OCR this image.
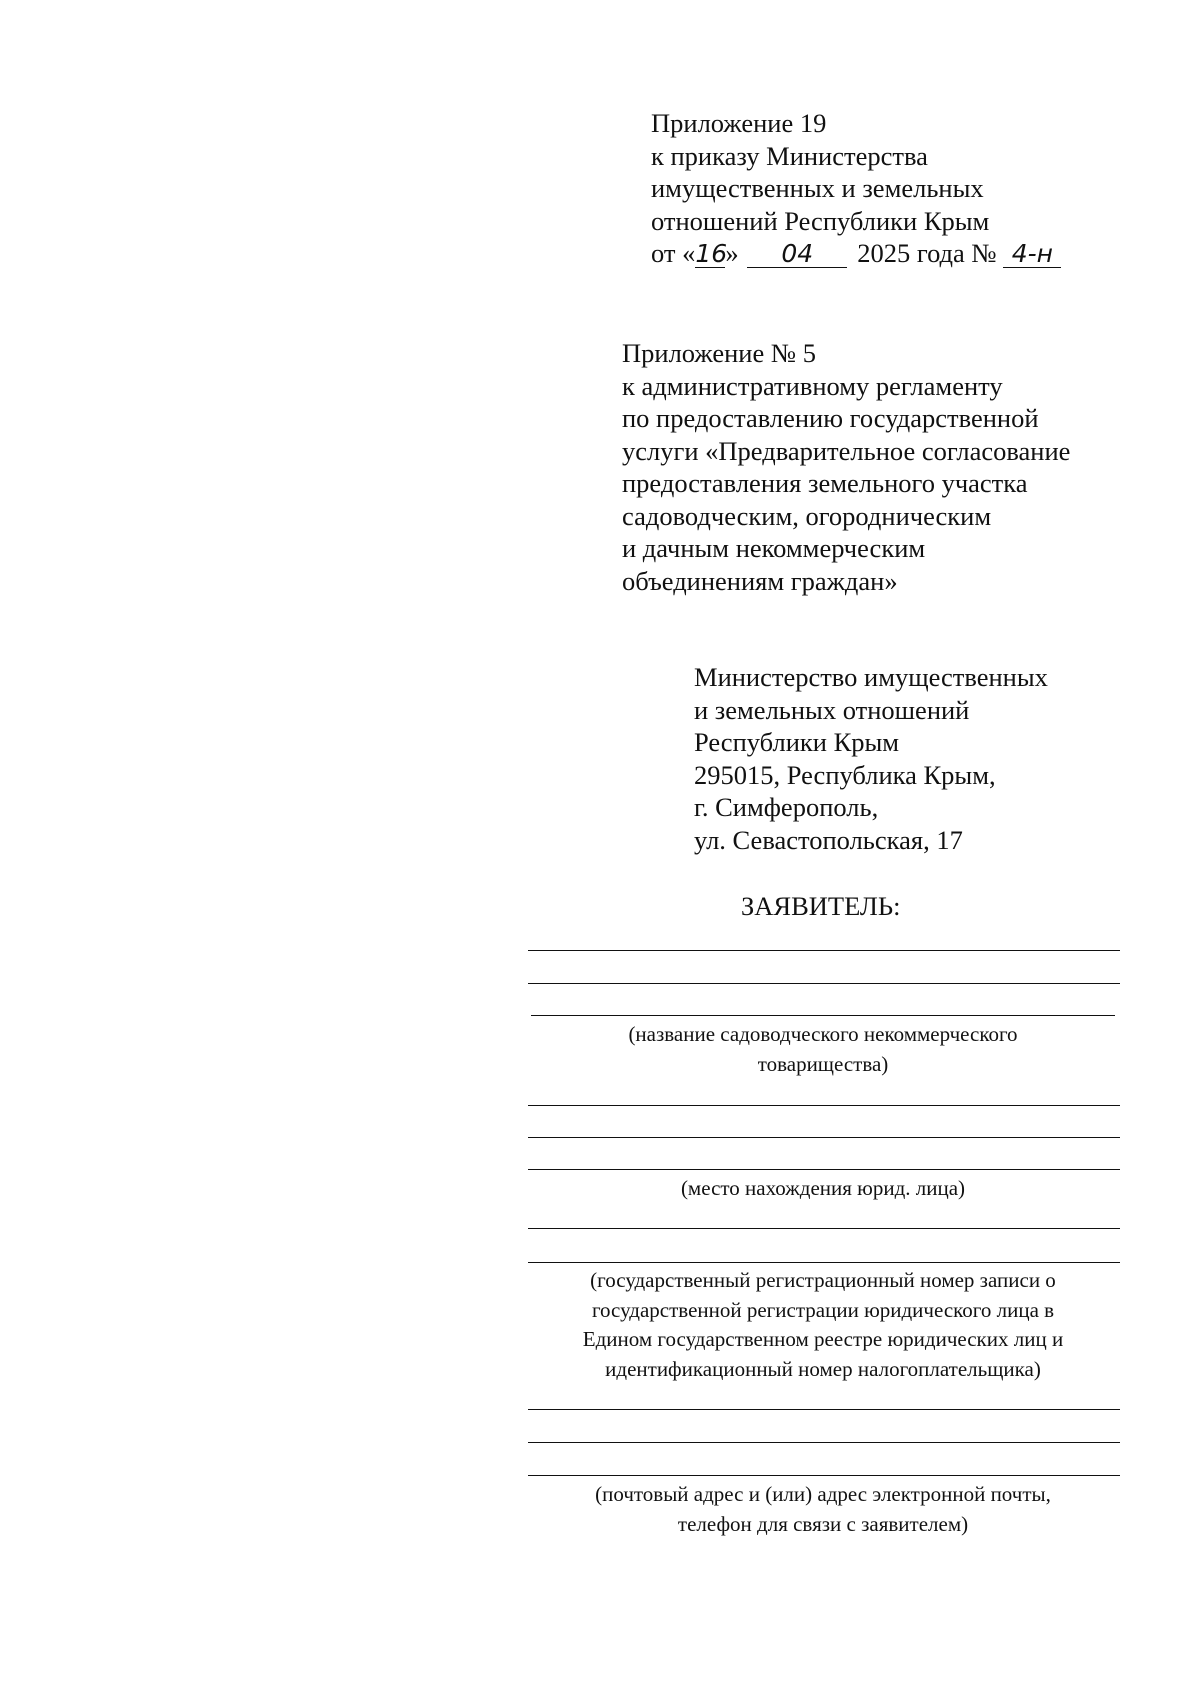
Приложение 19
к приказу Министерства
имущественных и земельных
отношений Республики Крым
от «16» 04 2025 года № 4-н
Приложение № 5
к административному регламенту
по предоставлению государственной
услуги «Предварительное согласование
предоставления земельного участка
садоводческим, огородническим
и дачным некоммерческим
объединениям граждан»
Министерство имущественных
и земельных отношений
Республики Крым
295015, Республика Крым,
г. Симферополь,
ул. Севастопольская, 17
ЗАЯВИТЕЛЬ:
(название садоводческого некоммерческого
товарищества)
(место нахождения юрид. лица)
(государственный регистрационный номер записи о
государственной регистрации юридического лица в
Едином государственном реестре юридических лиц и
идентификационный номер налогоплательщика)
(почтовый адрес и (или) адрес электронной почты,
телефон для связи с заявителем)
